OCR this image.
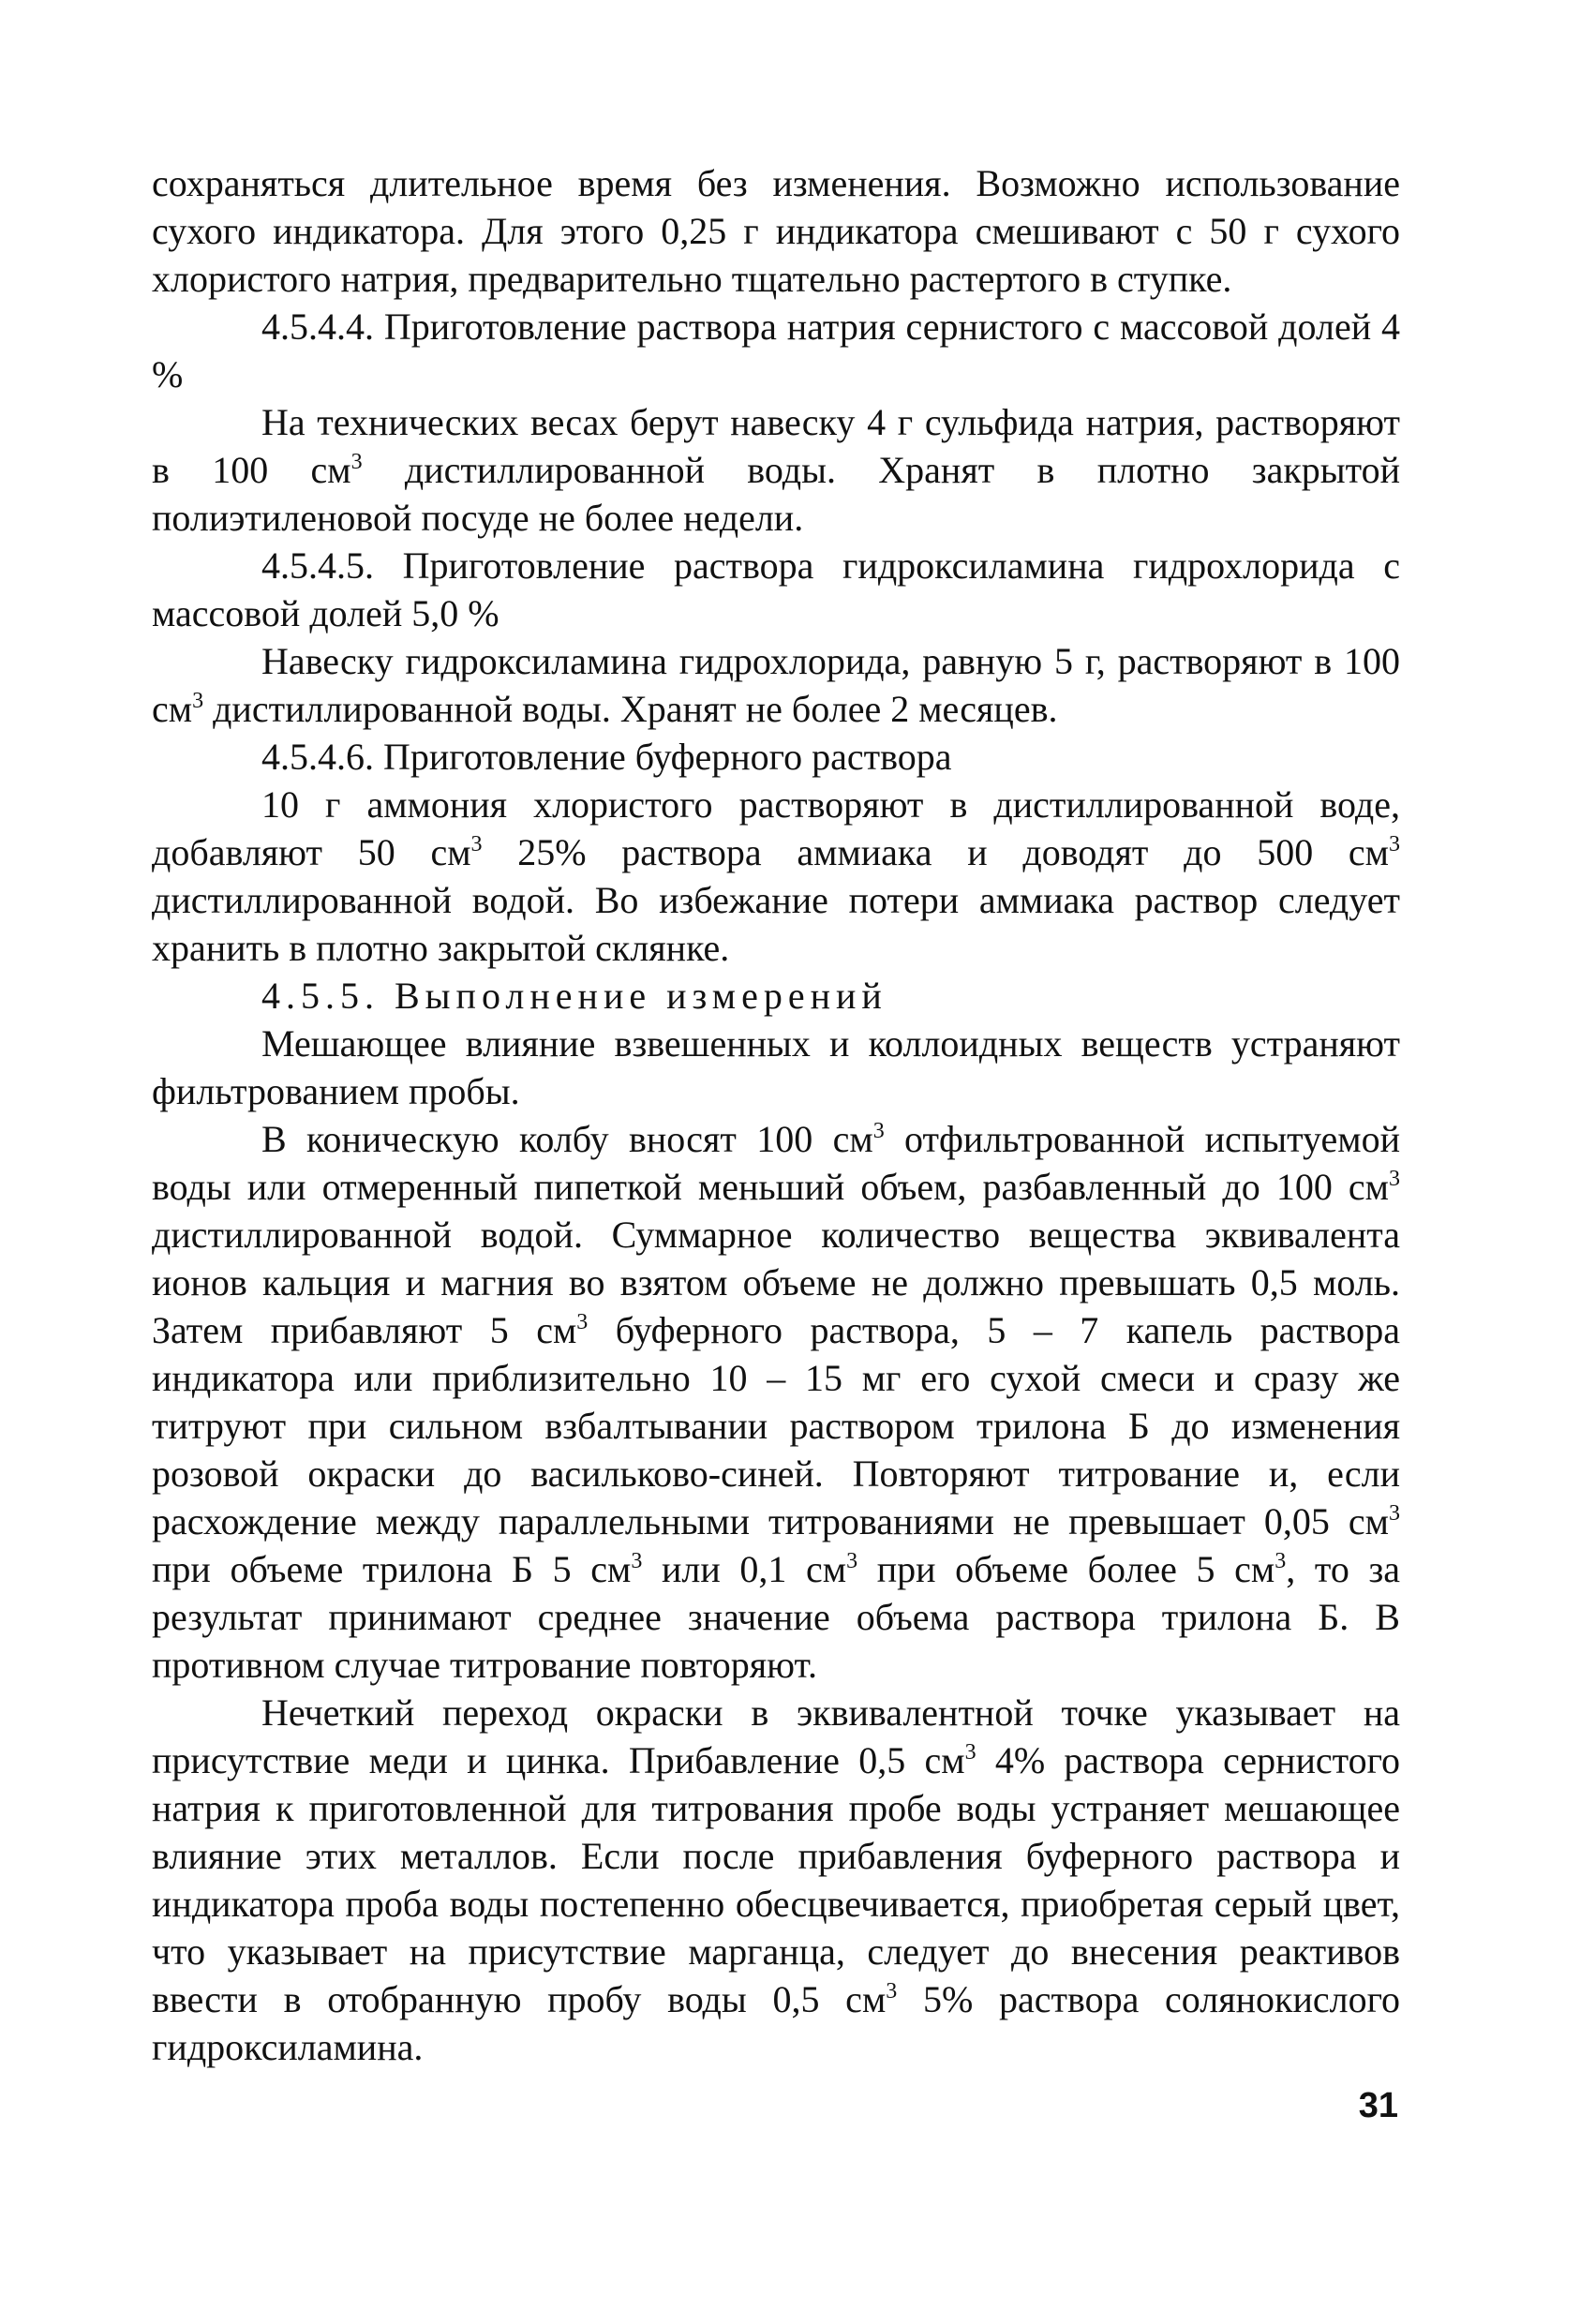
сохраняться длительное время без изменения. Возможно использование сухого индикатора. Для этого 0,25 г индикатора смешивают с 50 г сухого хлористого натрия, предварительно тщательно растертого в ступке.

4.5.4.4. Приготовление раствора натрия сернистого с массовой долей 4 %

На технических весах берут навеску 4 г сульфида натрия, растворяют в 100 $см^3$ дистиллированной воды. Хранят в плотно закрытой полиэтиленовой посуде не более недели.

4.5.4.5. Приготовление раствора гидроксиламина гидрохлорида с массовой долей 5,0 %

Навеску гидроксиламина гидрохлорида, равную 5 г, растворяют в 100 $см^3$ дистиллированной воды. Хранят не более 2 месяцев.

4.5.4.6. Приготовление буферного раствора

10 г аммония хлористого растворяют в дистиллированной воде, добавляют 50 $см^3$ 25% раствора аммиака и доводят до 500 $см^3$ дистиллированной водой. Во избежание потери аммиака раствор следует хранить в плотно закрытой склянке.

4.5.5. Выполнение измерений

Мешающее влияние взвешенных и коллоидных веществ устраняют фильтрованием пробы.

В коническую колбу вносят 100 $см^3$ отфильтрованной испытуемой воды или отмеренный пипеткой меньший объем, разбавленный до 100 $см^3$ дистиллированной водой. Суммарное количество вещества эквивалента ионов кальция и магния во взятом объеме не должно превышать 0,5 моль. Затем прибавляют 5 $см^3$ буферного раствора, 5 – 7 капель раствора индикатора или приблизительно 10 – 15 мг его сухой смеси и сразу же титруют при сильном взбалтывании раствором трилона Б до изменения розовой окраски до васильково-синей. Повторяют титрование и, если расхождение между параллельными титрованиями не превышает 0,05 $см^3$ при объеме трилона Б 5 $см^3$ или 0,1 $см^3$ при объеме более 5 $см^3$, то за результат принимают среднее значение объема раствора трилона Б. В противном случае титрование повторяют.

Нечеткий переход окраски в эквивалентной точке указывает на присутствие меди и цинка. Прибавление 0,5 $см^3$ 4% раствора сернистого натрия к приготовленной для титрования пробе воды устраняет мешающее влияние этих металлов. Если после прибавления буферного раствора и индикатора проба воды постепенно обесцвечивается, приобретая серый цвет, что указывает на присутствие марганца, следует до внесения реактивов ввести в отобранную пробу воды 0,5 $см^3$ 5% раствора солянокислого гидроксиламина.

31
